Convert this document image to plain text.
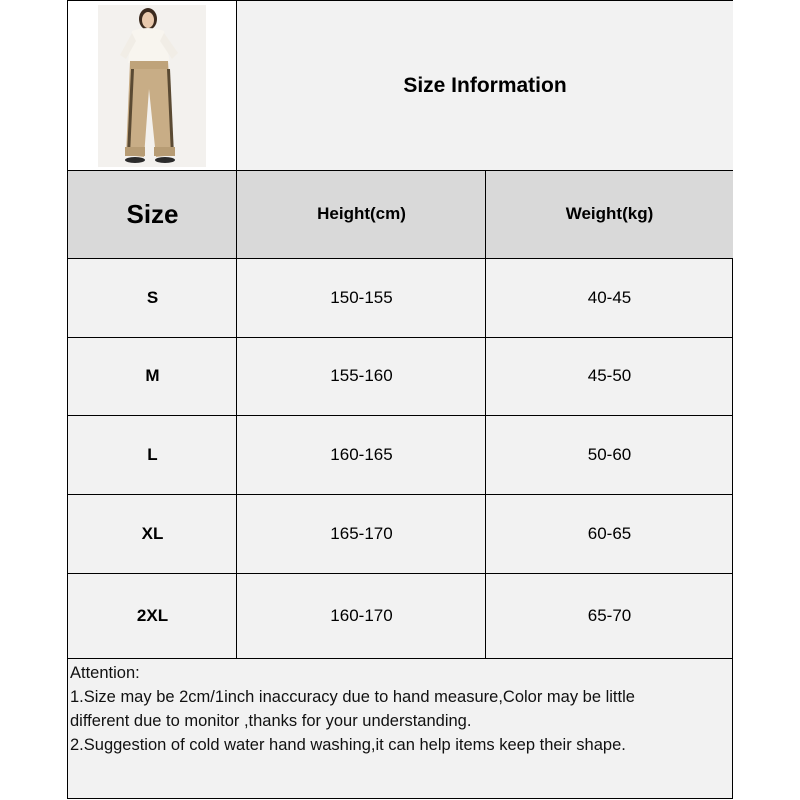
Size Information
Size	Height(cm)	Weight(kg)
S	150-155	40-45
M	155-160	45-50
L	160-165	50-60
XL	165-170	60-65
2XL	160-170	65-70
Attention:
1.Size may be 2cm/1inch inaccuracy due to hand measure,Color may be little
different due to monitor ,thanks for your understanding.
2.Suggestion of cold water hand washing,it can help items keep their shape.
